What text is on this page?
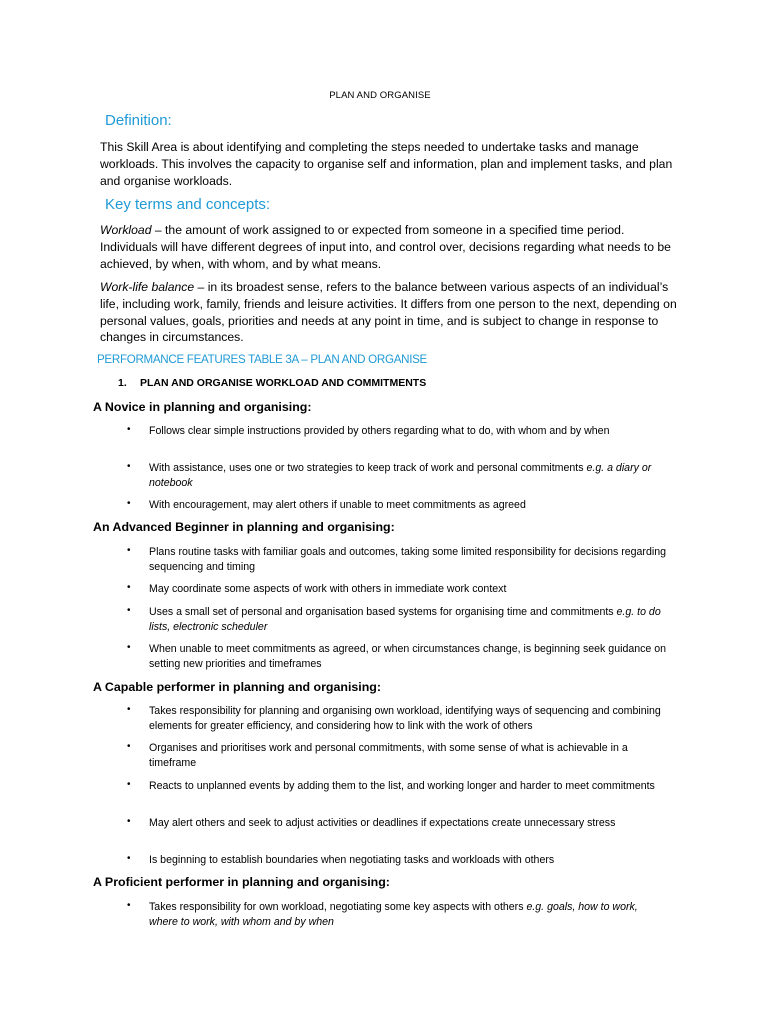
PLAN AND ORGANISE
Definition:
This Skill Area is about identifying and completing the steps needed to undertake tasks and manage workloads. This involves the capacity to organise self and information, plan and implement tasks, and plan and organise workloads.
Key terms and concepts:
Workload – the amount of work assigned to or expected from someone in a specified time period. Individuals will have different degrees of input into, and control over, decisions regarding what needs to be achieved, by when, with whom, and by what means.
Work-life balance – in its broadest sense, refers to the balance between various aspects of an individual’s life, including work, family, friends and leisure activities. It differs from one person to the next, depending on personal values, goals, priorities and needs at any point in time, and is subject to change in response to changes in circumstances.
PERFORMANCE FEATURES TABLE 3A – PLAN AND ORGANISE
1. PLAN AND ORGANISE WORKLOAD AND COMMITMENTS
A Novice in planning and organising:
• Follows clear simple instructions provided by others regarding what to do, with whom and by when
• With assistance, uses one or two strategies to keep track of work and personal commitments e.g. a diary or notebook
• With encouragement, may alert others if unable to meet commitments as agreed
An Advanced Beginner in planning and organising:
• Plans routine tasks with familiar goals and outcomes, taking some limited responsibility for decisions regarding sequencing and timing
• May coordinate some aspects of work with others in immediate work context
• Uses a small set of personal and organisation based systems for organising time and commitments e.g. to do lists, electronic scheduler
• When unable to meet commitments as agreed, or when circumstances change, is beginning seek guidance on setting new priorities and timeframes
A Capable performer in planning and organising:
• Takes responsibility for planning and organising own workload, identifying ways of sequencing and combining elements for greater efficiency, and considering how to link with the work of others
• Organises and prioritises work and personal commitments, with some sense of what is achievable in a timeframe
• Reacts to unplanned events by adding them to the list, and working longer and harder to meet commitments
• May alert others and seek to adjust activities or deadlines if expectations create unnecessary stress
• Is beginning to establish boundaries when negotiating tasks and workloads with others
A Proficient performer in planning and organising:
• Takes responsibility for own workload, negotiating some key aspects with others e.g. goals, how to work, where to work, with whom and by when
